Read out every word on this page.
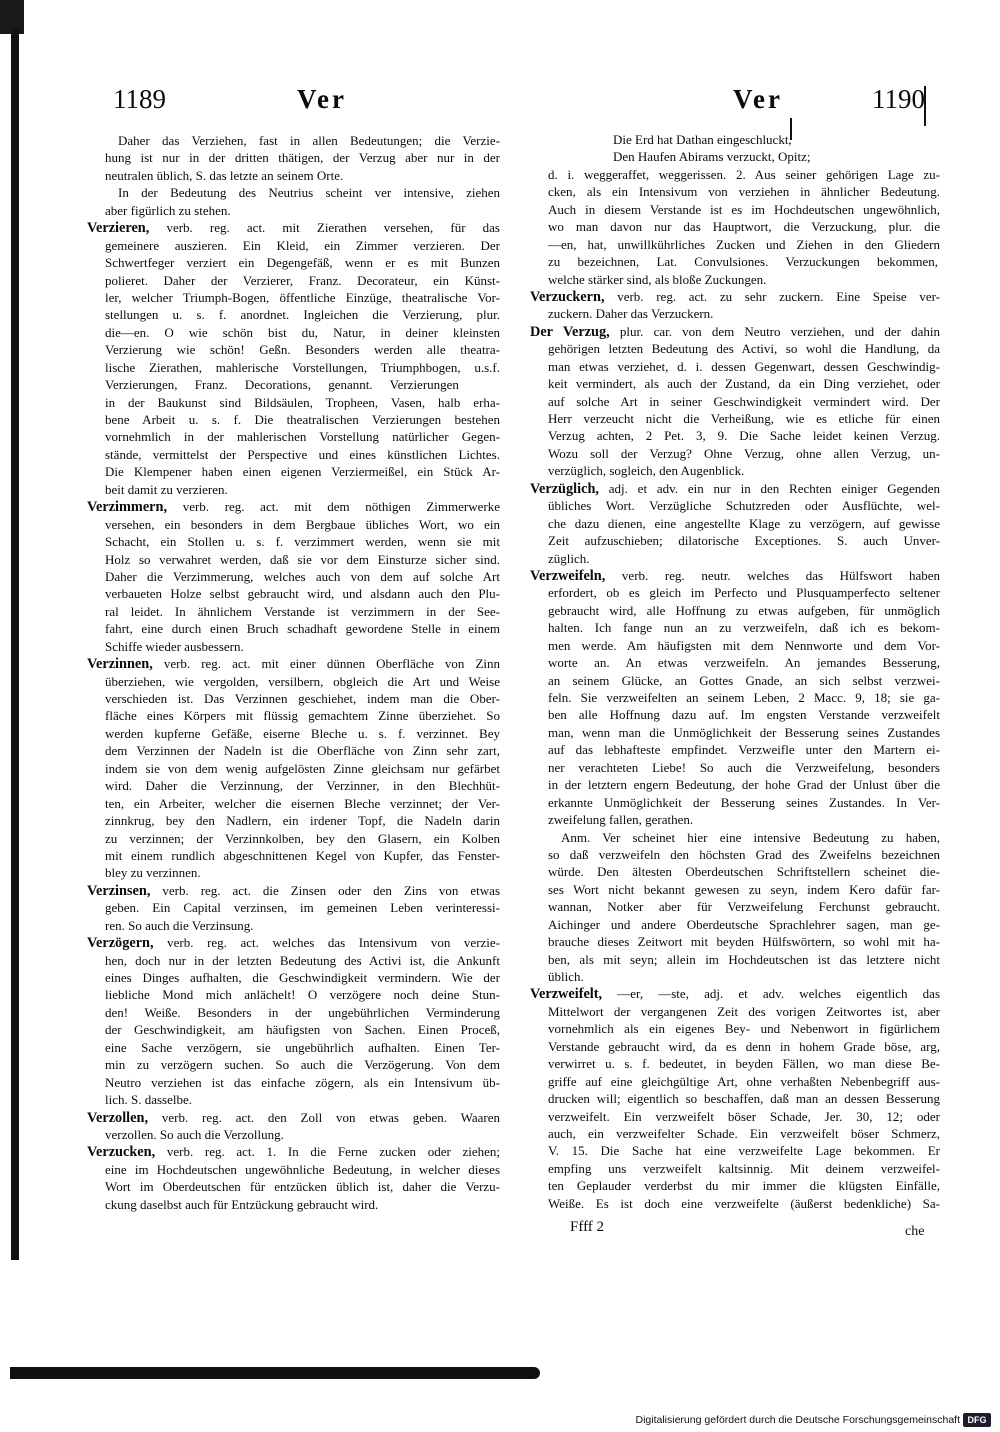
1189	Ver	Ver	1190
Daher das Verziehen, fast in allen Bedeutungen; die Verzie-
hung ist nur in der dritten thätigen, der Verzug aber nur in der
neutralen üblich, S. das letzte an seinem Orte.
In der Bedeutung des Neutrius scheint ver intensive, ziehen
aber figürlich zu stehen.
Verzieren, verb. reg. act. mit Zierathen versehen, für das
gemeinere auszieren. Ein Kleid, ein Zimmer verzieren. Der
Schwertfeger verziert ein Degengefäß, wenn er es mit Bunzen
polieret. Daher der Verzierer, Franz. Decorateur, ein Künst-
ler, welcher Triumph-Bogen, öffentliche Einzüge, theatralische Vor-
stellungen u. s. f. anordnet. Ingleichen die Verzierung, plur.
die—en. O wie schön bist du, Natur, in deiner kleinsten
Verzierung wie schön! Geßn. Besonders werden alle theatra-
lische Zierathen, mahlerische Vorstellungen, Triumphbogen, u.s.f.
Verzierungen, Franz. Decorations, genannt. Verzierungen
in der Baukunst sind Bildsäulen, Tropheen, Vasen, halb erha-
bene Arbeit u. s. f. Die theatralischen Verzierungen bestehen
vornehmlich in der mahlerischen Vorstellung natürlicher Gegen-
stände, vermittelst der Perspective und eines künstlichen Lichtes.
Die Klempener haben einen eigenen Verziermeißel, ein Stück Ar-
beit damit zu verzieren.
Verzimmern, verb. reg. act. mit dem nöthigen Zimmerwerke
versehen, ein besonders in dem Bergbaue übliches Wort, wo ein
Schacht, ein Stollen u. s. f. verzimmert werden, wenn sie mit
Holz so verwahret werden, daß sie vor dem Einsturze sicher sind.
Daher die Verzimmerung, welches auch von dem auf solche Art
verbaueten Holze selbst gebraucht wird, und alsdann auch den Plu-
ral leidet. In ähnlichem Verstande ist verzimmern in der See-
fahrt, eine durch einen Bruch schadhaft gewordene Stelle in einem
Schiffe wieder ausbessern.
Verzinnen, verb. reg. act. mit einer dünnen Oberfläche von Zinn
überziehen, wie vergolden, versilbern, obgleich die Art und Weise
verschieden ist. Das Verzinnen geschiehet, indem man die Ober-
fläche eines Körpers mit flüssig gemachtem Zinne überziehet. So
werden kupferne Gefäße, eiserne Bleche u. s. f. verzinnet. Bey
dem Verzinnen der Nadeln ist die Oberfläche von Zinn sehr zart,
indem sie von dem wenig aufgelösten Zinne gleichsam nur gefärbet
wird. Daher die Verzinnung, der Verzinner, in den Blechhüt-
ten, ein Arbeiter, welcher die eisernen Bleche verzinnet; der Ver-
zinnkrug, bey den Nadlern, ein irdener Topf, die Nadeln darin
zu verzinnen; der Verzinnkolben, bey den Glasern, ein Kolben
mit einem rundlich abgeschnittenen Kegel von Kupfer, das Fenster-
bley zu verzinnen.
Verzinsen, verb. reg. act. die Zinsen oder den Zins von etwas
geben. Ein Capital verzinsen, im gemeinen Leben verinteressi-
ren. So auch die Verzinsung.
Verzögern, verb. reg. act. welches das Intensivum von verzie-
hen, doch nur in der letzten Bedeutung des Activi ist, die Ankunft
eines Dinges aufhalten, die Geschwindigkeit vermindern. Wie der
liebliche Mond mich anlächelt! O verzögere noch deine Stun-
den! Weiße. Besonders in der ungebührlichen Verminderung
der Geschwindigkeit, am häufigsten von Sachen. Einen Proceß,
eine Sache verzögern, sie ungebührlich aufhalten. Einen Ter-
min zu verzögern suchen. So auch die Verzögerung. Von dem
Neutro verziehen ist das einfache zögern, als ein Intensivum üb-
lich. S. dasselbe.
Verzollen, verb. reg. act. den Zoll von etwas geben. Waaren
verzollen. So auch die Verzollung.
Verzucken, verb. reg. act. 1. In die Ferne zucken oder ziehen;
eine im Hochdeutschen ungewöhnliche Bedeutung, in welcher dieses
Wort im Oberdeutschen für entzücken üblich ist, daher die Verzu-
ckung daselbst auch für Entzückung gebraucht wird.
Die Erd hat Dathan eingeschluckt,
Den Haufen Abirams verzuckt, Opitz;
d. i. weggeraffet, weggerissen. 2. Aus seiner gehörigen Lage zu-
cken, als ein Intensivum von verziehen in ähnlicher Bedeutung.
Auch in diesem Verstande ist es im Hochdeutschen ungewöhnlich,
wo man davon nur das Hauptwort, die Verzuckung, plur. die
—en, hat, unwillkührliches Zucken und Ziehen in den Gliedern
zu bezeichnen, Lat. Convulsiones. Verzuckungen bekommen,
welche stärker sind, als bloße Zuckungen.
Verzuckern, verb. reg. act. zu sehr zuckern. Eine Speise ver-
zuckern. Daher das Verzuckern.
Der Verzug, plur. car. von dem Neutro verziehen, und der dahin
gehörigen letzten Bedeutung des Activi, so wohl die Handlung, da
man etwas verziehet, d. i. dessen Gegenwart, dessen Geschwindig-
keit vermindert, als auch der Zustand, da ein Ding verziehet, oder
auf solche Art in seiner Geschwindigkeit vermindert wird. Der
Herr verzeucht nicht die Verheißung, wie es etliche für einen
Verzug achten, 2 Pet. 3, 9. Die Sache leidet keinen Verzug.
Wozu soll der Verzug? Ohne Verzug, ohne allen Verzug, un-
verzüglich, sogleich, den Augenblick.
Verzüglich, adj. et adv. ein nur in den Rechten einiger Gegenden
übliches Wort. Verzügliche Schutzreden oder Ausflüchte, wel-
che dazu dienen, eine angestellte Klage zu verzögern, auf gewisse
Zeit aufzuschieben; dilatorische Exceptiones. S. auch Unver-
züglich.
Verzweifeln, verb. reg. neutr. welches das Hülfswort haben
erfordert, ob es gleich im Perfecto und Plusquamperfecto seltener
gebraucht wird, alle Hoffnung zu etwas aufgeben, für unmöglich
halten. Ich fange nun an zu verzweifeln, daß ich es bekom-
men werde. Am häufigsten mit dem Nennworte und dem Vor-
worte an. An etwas verzweifeln. An jemandes Besserung,
an seinem Glücke, an Gottes Gnade, an sich selbst verzwei-
feln. Sie verzweifelten an seinem Leben, 2 Macc. 9, 18; sie ga-
ben alle Hoffnung dazu auf. Im engsten Verstande verzweifelt
man, wenn man die Unmöglichkeit der Besserung seines Zustandes
auf das lebhafteste empfindet. Verzweifle unter den Martern ei-
ner verachteten Liebe! So auch die Verzweifelung, besonders
in der letztern engern Bedeutung, der hohe Grad der Unlust über die
erkannte Unmöglichkeit der Besserung seines Zustandes. In Ver-
zweifelung fallen, gerathen.
Anm. Ver scheinet hier eine intensive Bedeutung zu haben,
so daß verzweifeln den höchsten Grad des Zweifelns bezeichnen
würde. Den ältesten Oberdeutschen Schriftstellern scheinet die-
ses Wort nicht bekannt gewesen zu seyn, indem Kero dafür far-
wannan, Notker aber für Verzweifelung Ferchunst gebraucht.
Aichinger und andere Oberdeutsche Sprachlehrer sagen, man ge-
brauche dieses Zeitwort mit beyden Hülfswörtern, so wohl mit ha-
ben, als mit seyn; allein im Hochdeutschen ist das letztere nicht
üblich.
Verzweifelt, —er, —ste, adj. et adv. welches eigentlich das
Mittelwort der vergangenen Zeit des vorigen Zeitwortes ist, aber
vornehmlich als ein eigenes Bey- und Nebenwort in figürlichem
Verstande gebraucht wird, da es denn in hohem Grade böse, arg,
verwirret u. s. f. bedeutet, in beyden Fällen, wo man diese Be-
griffe auf eine gleichgültige Art, ohne verhaßten Nebenbegriff aus-
drucken will; eigentlich so beschaffen, daß man an dessen Besserung
verzweifelt. Ein verzweifelt böser Schade, Jer. 30, 12; oder
auch, ein verzweifelter Schade. Ein verzweifelt böser Schmerz,
V. 15. Die Sache hat eine verzweifelte Lage bekommen. Er
empfing uns verzweifelt kaltsinnig. Mit deinem verzweifel-
ten Geplauder verderbst du mir immer die klügsten Einfälle,
Weiße. Es ist doch eine verzweifelte (äußerst bedenkliche) Sa-
Ffff 2	che
Digitalisierung gefördert durch die Deutsche Forschungsgemeinschaft DFG
